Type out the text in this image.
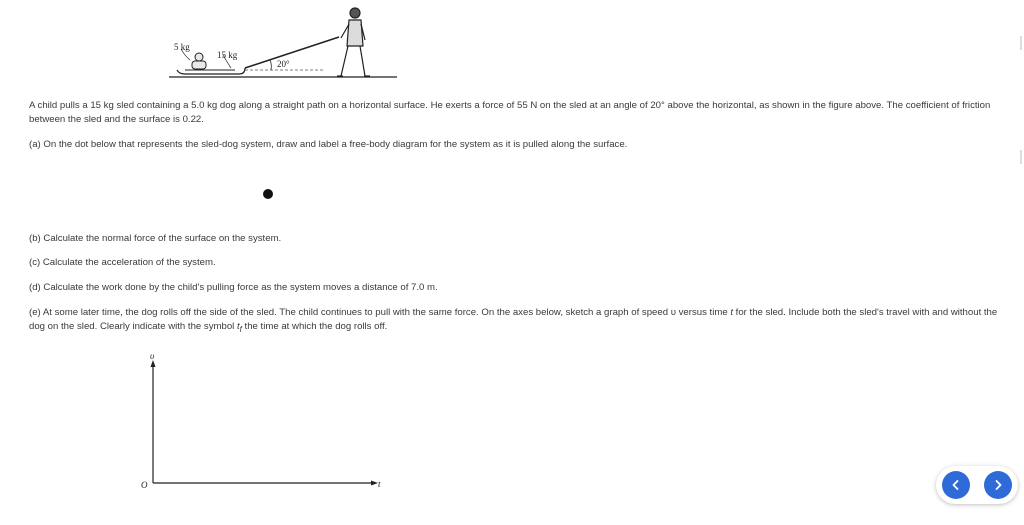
5 kg
15 kg
20°

A child pulls a 15 kg sled containing a 5.0 kg dog along a straight path on a horizontal surface. He exerts a force of 55 N on the sled at an angle of 20° above the horizontal, as shown in the figure above. The coefficient of friction between the sled and the surface is 0.22.

(a) On the dot below that represents the sled-dog system, draw and label a free-body diagram for the system as it is pulled along the surface.

(b) Calculate the normal force of the surface on the system.

(c) Calculate the acceleration of the system.

(d) Calculate the work done by the child's pulling force as the system moves a distance of 7.0 m.

(e) At some later time, the dog rolls off the side of the sled. The child continues to pull with the same force. On the axes below, sketch a graph of speed υ versus time t for the sled. Include both the sled's travel with and without the dog on the sled. Clearly indicate with the symbol $t_f$ the time at which the dog rolls off.

υ
t
O
